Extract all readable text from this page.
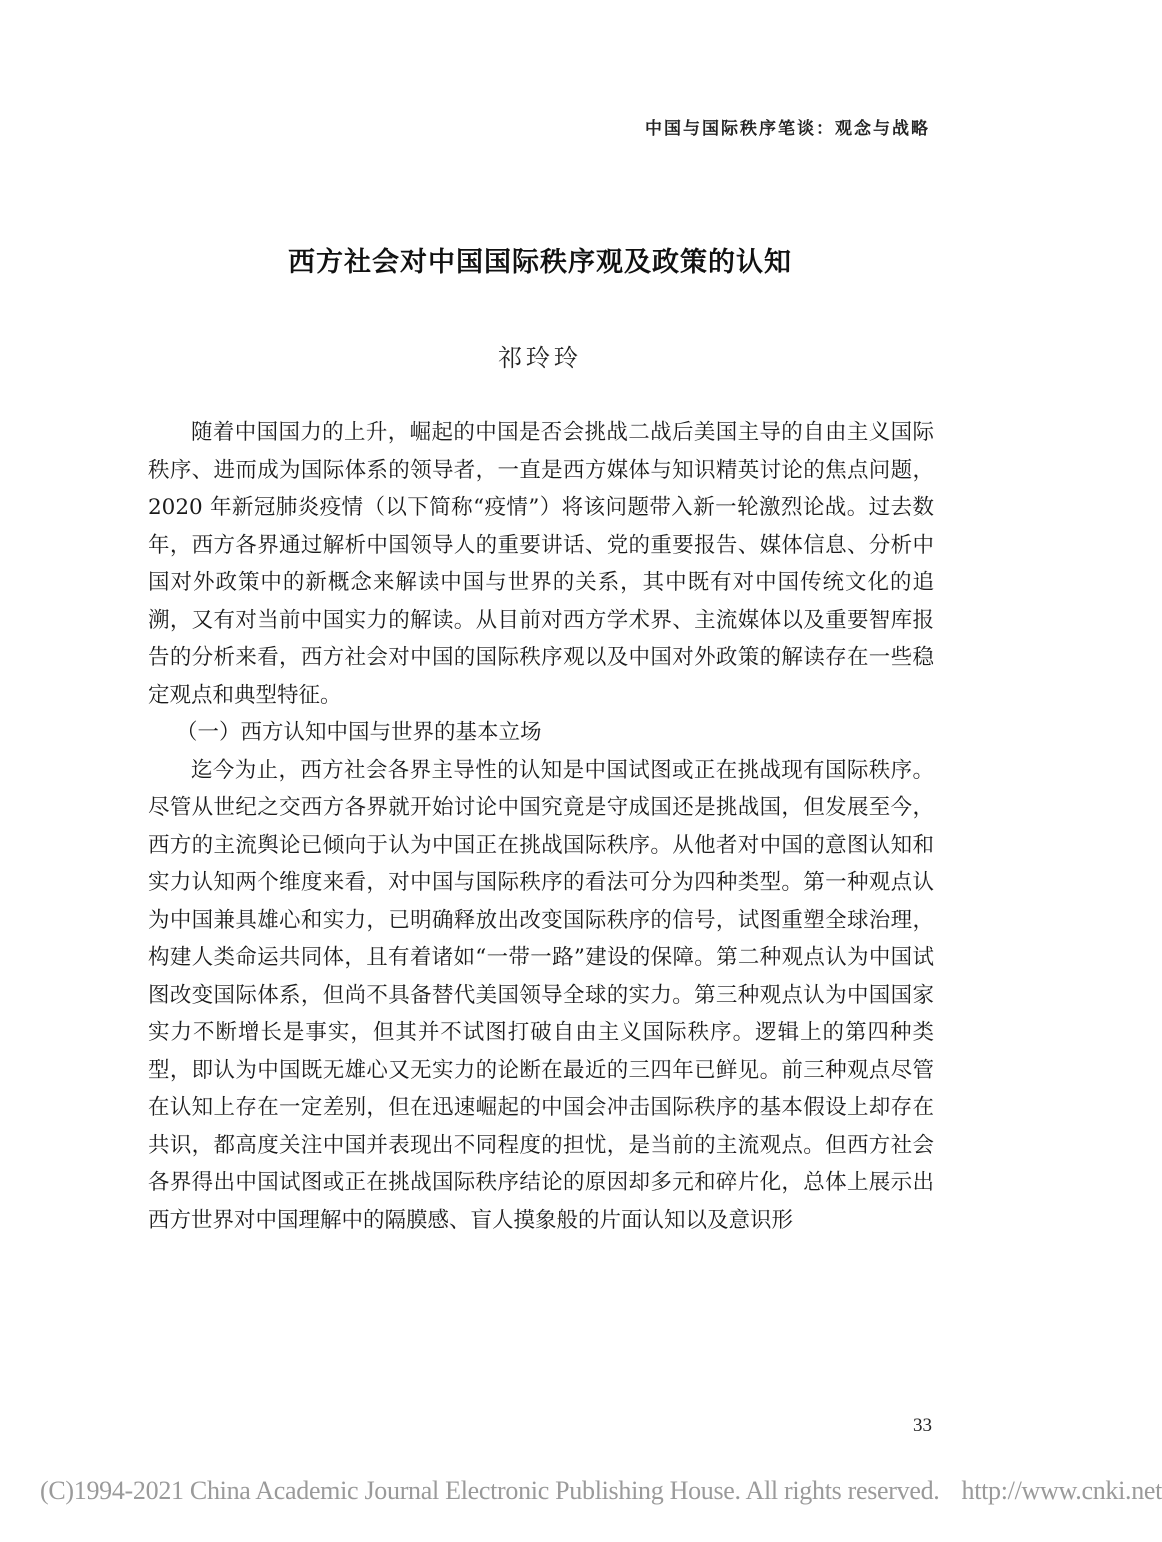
中国与国际秩序笔谈：观念与战略
西方社会对中国国际秩序观及政策的认知
祁玲玲

随着中国国力的上升，崛起的中国是否会挑战二战后美国主导的自由主义国际秩序、进而成为国际体系的领导者，一直是西方媒体与知识精英讨论的焦点问题，2020 年新冠肺炎疫情（以下简称“疫情”）将该问题带入新一轮激烈论战。过去数年，西方各界通过解析中国领导人的重要讲话、党的重要报告、媒体信息、分析中国对外政策中的新概念来解读中国与世界的关系，其中既有对中国传统文化的追溯，又有对当前中国实力的解读。从目前对西方学术界、主流媒体以及重要智库报告的分析来看，西方社会对中国的国际秩序观以及中国对外政策的解读存在一些稳定观点和典型特征。

（一）西方认知中国与世界的基本立场

迄今为止，西方社会各界主导性的认知是中国试图或正在挑战现有国际秩序。尽管从世纪之交西方各界就开始讨论中国究竟是守成国还是挑战国，但发展至今，西方的主流舆论已倾向于认为中国正在挑战国际秩序。从他者对中国的意图认知和实力认知两个维度来看，对中国与国际秩序的看法可分为四种类型。第一种观点认为中国兼具雄心和实力，已明确释放出改变国际秩序的信号，试图重塑全球治理，构建人类命运共同体，且有着诸如“一带一路”建设的保障。第二种观点认为中国试图改变国际体系，但尚不具备替代美国领导全球的实力。第三种观点认为中国国家实力不断增长是事实，但其并不试图打破自由主义国际秩序。逻辑上的第四种类型，即认为中国既无雄心又无实力的论断在最近的三四年已鲜见。前三种观点尽管在认知上存在一定差别，但在迅速崛起的中国会冲击国际秩序的基本假设上却存在共识，都高度关注中国并表现出不同程度的担忧，是当前的主流观点。但西方社会各界得出中国试图或正在挑战国际秩序结论的原因却多元和碎片化，总体上展示出西方世界对中国理解中的隔膜感、盲人摸象般的片面认知以及意识形

33
(C)1994-2021 China Academic Journal Electronic Publishing House. All rights reserved. http://www.cnki.net
